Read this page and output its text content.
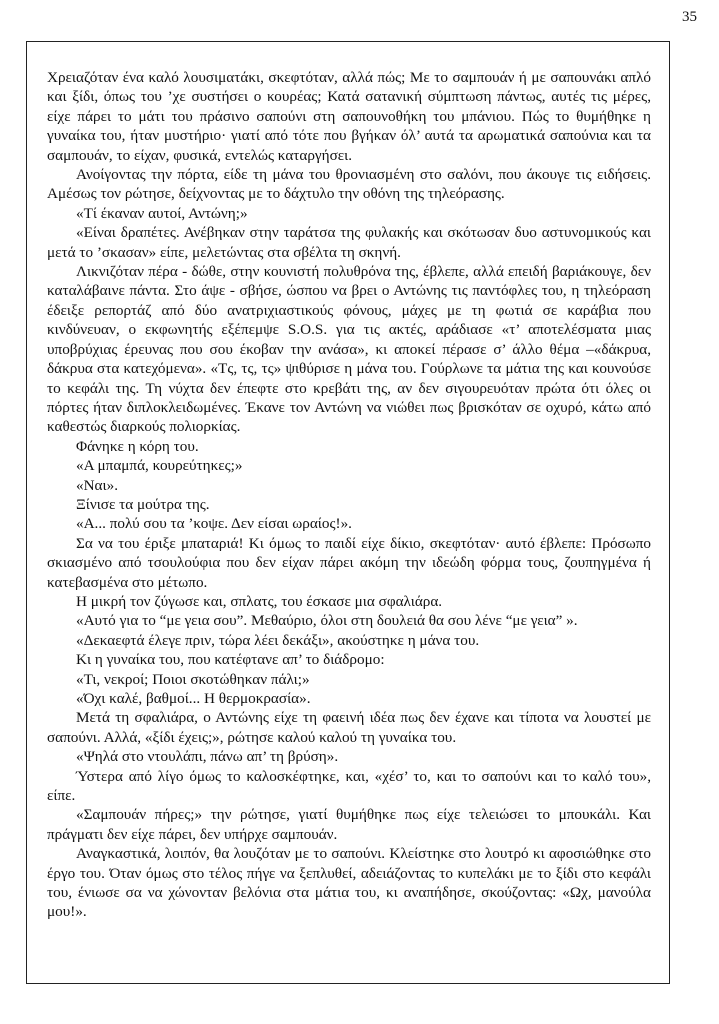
35

Χρειαζόταν ένα καλό λουσιματάκι, σκεφτόταν, αλλά πώς; Με το σαμπουάν ή με σαπουνάκι απλό και ξίδι, όπως του ’χε συστήσει ο κουρέας; Κατά σατανική σύμπτωση πάντως, αυτές τις μέρες, είχε πάρει το μάτι του πράσινο σαπούνι στη σαπουνοθήκη του μπάνιου. Πώς το θυμήθηκε η γυναίκα του, ήταν μυστήριο· γιατί από τότε που βγήκαν όλ’ αυτά τα αρωματικά σαπούνια και τα σαμπουάν, το είχαν, φυσικά, εντελώς καταργήσει.

Ανοίγοντας την πόρτα, είδε τη μάνα του θρονιασμένη στο σαλόνι, που άκουγε τις ειδήσεις. Αμέσως τον ρώτησε, δείχνοντας με το δάχτυλο την οθόνη της τηλεόρασης.

«Τί έκαναν αυτοί, Αντώνη;»

«Είναι δραπέτες. Ανέβηκαν στην ταράτσα της φυλακής και σκότωσαν δυο αστυνομικούς και μετά το ’σκασαν» είπε, μελετώντας στα σβέλτα τη σκηνή.

Λικνιζόταν πέρα - δώθε, στην κουνιστή πολυθρόνα της, έβλεπε, αλλά επειδή βαριάκουγε, δεν καταλάβαινε πάντα. Στο άψε - σβήσε, ώσπου να βρει ο Αντώνης τις παντόφλες του, η τηλεόραση έδειξε ρεπορτάζ από δύο ανατριχιαστικούς φόνους, μάχες με τη φωτιά σε καράβια που κινδύνευαν, ο εκφωνητής εξέπεμψε S.O.S. για τις ακτές, αράδιασε «τ’ αποτελέσματα μιας υποβρύχιας έρευνας που σου έκοβαν την ανάσα», κι αποκεί πέρασε σ’ άλλο θέμα –«δάκρυα, δάκρυα στα κατεχόμενα». «Τς, τς, τς» ψιθύρισε η μάνα του. Γούρλωνε τα μάτια της και κουνούσε το κεφάλι της. Τη νύχτα δεν έπεφτε στο κρεβάτι της, αν δεν σιγουρευόταν πρώτα ότι όλες οι πόρτες ήταν διπλοκλειδωμένες. Έκανε τον Αντώνη να νιώθει πως βρισκόταν σε οχυρό, κάτω από καθεστώς διαρκούς πολιορκίας.

Φάνηκε η κόρη του.

«Α μπαμπά, κουρεύτηκες;»

«Ναι».

Ξίνισε τα μούτρα της.

«Α... πολύ σου τα ’κοψε. Δεν είσαι ωραίος!».

Σα να του έριξε μπαταριά! Κι όμως το παιδί είχε δίκιο, σκεφτόταν· αυτό έβλεπε: Πρόσωπο σκιασμένο από τσουλούφια που δεν είχαν πάρει ακόμη την ιδεώδη φόρμα τους, ζουπηγμένα ή κατεβασμένα στο μέτωπο.

Η μικρή τον ζύγωσε και, σπλατς, του έσκασε μια σφαλιάρα.

«Αυτό για το “με γεια σου”. Μεθαύριο, όλοι στη δουλειά θα σου λένε “με γεια” ».

«Δεκαεφτά έλεγε πριν, τώρα λέει δεκάξι», ακούστηκε η μάνα του.

Κι η γυναίκα του, που κατέφτανε απ’ το διάδρομο:

«Τι, νεκροί; Ποιοι σκοτώθηκαν πάλι;»

«Όχι καλέ, βαθμοί... Η θερμοκρασία».

Μετά τη σφαλιάρα, ο Αντώνης είχε τη φαεινή ιδέα πως δεν έχανε και τίποτα να λουστεί με σαπούνι. Αλλά, «ξίδι έχεις;», ρώτησε καλού καλού τη γυναίκα του.

«Ψηλά στο ντουλάπι, πάνω απ’ τη βρύση».

Ύστερα από λίγο όμως το καλοσκέφτηκε, και, «χέσ’ το, και το σαπούνι και το καλό του», είπε.

«Σαμπουάν πήρες;» την ρώτησε, γιατί θυμήθηκε πως είχε τελειώσει το μπουκάλι. Και πράγματι δεν είχε πάρει, δεν υπήρχε σαμπουάν.

Αναγκαστικά, λοιπόν, θα λουζόταν με το σαπούνι. Κλείστηκε στο λουτρό κι αφοσιώθηκε στο έργο του. Όταν όμως στο τέλος πήγε να ξεπλυθεί, αδειάζοντας το κυπελάκι με το ξίδι στο κεφάλι του, ένιωσε σα να χώνονταν βελόνια στα μάτια του, κι αναπήδησε, σκούζοντας: «Ωχ, μανούλα μου!».
